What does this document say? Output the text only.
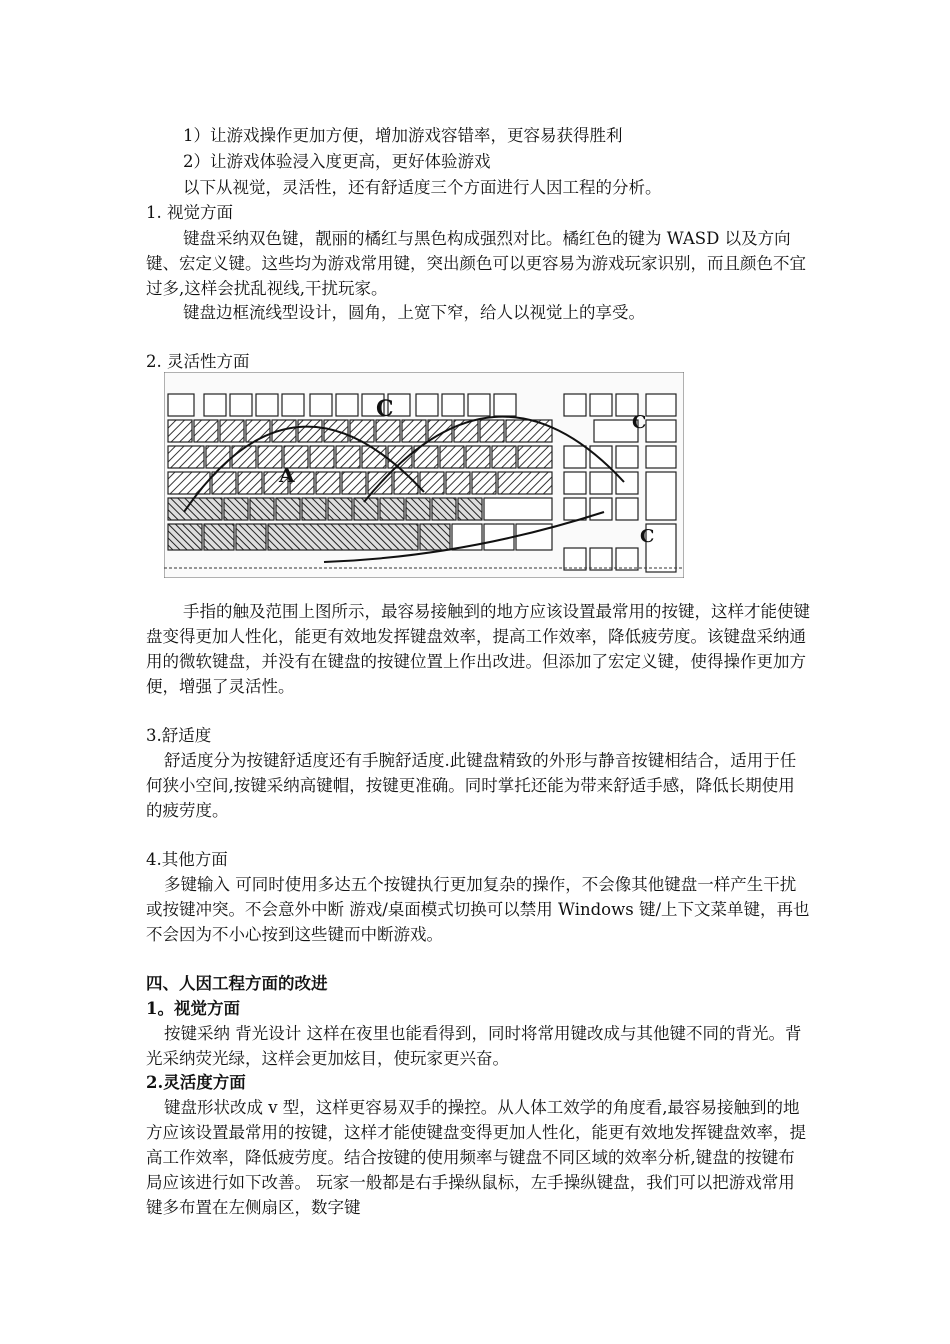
1）让游戏操作更加方便，增加游戏容错率，更容易获得胜利

2）让游戏体验浸入度更高，更好体验游戏

以下从视觉，灵活性，还有舒适度三个方面进行人因工程的分析。

1. 视觉方面

键盘采纳双色键，靓丽的橘红与黑色构成强烈对比。橘红色的键为 WASD 以及方向键、宏定义键。这些均为游戏常用键，突出颜色可以更容易为游戏玩家识别，而且颜色不宜过多,这样会扰乱视线,干扰玩家。

键盘边框流线型设计，圆角，上宽下窄，给人以视觉上的享受。

2. 灵活性方面

A
C
C
C

手指的触及范围上图所示，最容易接触到的地方应该设置最常用的按键，这样才能使键盘变得更加人性化，能更有效地发挥键盘效率，提高工作效率，降低疲劳度。该键盘采纳通用的微软键盘，并没有在键盘的按键位置上作出改进。但添加了宏定义键，使得操作更加方便，增强了灵活性。

3.舒适度

舒适度分为按键舒适度还有手腕舒适度.此键盘精致的外形与静音按键相结合，适用于任何狭小空间,按键采纳高键帽，按键更准确。同时掌托还能为带来舒适手感，降低长期使用的疲劳度。

4.其他方面

多键输入 可同时使用多达五个按键执行更加复杂的操作，不会像其他键盘一样产生干扰或按键冲突。不会意外中断 游戏/桌面模式切换可以禁用 Windows 键/上下文菜单键，再也不会因为不小心按到这些键而中断游戏。

四、人因工程方面的改进

1。视觉方面

按键采纳 背光设计 这样在夜里也能看得到，同时将常用键改成与其他键不同的背光。背光采纳荧光绿，这样会更加炫目，使玩家更兴奋。

2.灵活度方面

键盘形状改成 v 型，这样更容易双手的操控。从人体工效学的角度看,最容易接触到的地方应该设置最常用的按键，这样才能使键盘变得更加人性化，能更有效地发挥键盘效率，提高工作效率，降低疲劳度。结合按键的使用频率与键盘不同区域的效率分析,键盘的按键布局应该进行如下改善。 玩家一般都是右手操纵鼠标，左手操纵键盘，我们可以把游戏常用键多布置在左侧扇区，数字键
